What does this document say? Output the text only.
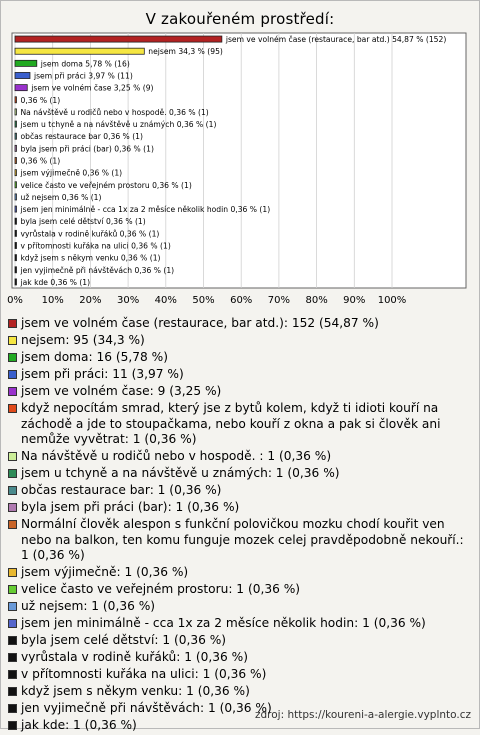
V zakouřeném prostředí:
0% 10% 20% 30% 40% 50% 60% 70% 80% 90% 100%
jsem ve volném čase (restaurace, bar atd.) 54,87 % (152)
nejsem 34,3 % (95)
jsem doma 5,78 % (16)
jsem při práci 3,97 % (11)
jsem ve volném čase 3,25 % (9)
0,36 % (1)
Na návštěvě u rodičů nebo v hospodě. 0,36 % (1)
jsem u tchyně a na návštěvě u známých 0,36 % (1)
občas restaurace bar 0,36 % (1)
byla jsem při práci (bar) 0,36 % (1)
0,36 % (1)
jsem výjimečně 0,36 % (1)
velice často ve veřejném prostoru 0,36 % (1)
už nejsem 0,36 % (1)
jsem jen minimálně - cca 1x za 2 měsíce několik hodin 0,36 % (1)
byla jsem celé dětství 0,36 % (1)
vyrůstala v rodině kuřáků 0,36 % (1)
v přítomnosti kuřáka na ulici 0,36 % (1)
když jsem s někym venku 0,36 % (1)
jen vyjimečně při návštěvách 0,36 % (1)
jak kde 0,36 % (1)
jsem ve volném čase (restaurace, bar atd.): 152 (54,87 %)
nejsem: 95 (34,3 %)
jsem doma: 16 (5,78 %)
jsem při práci: 11 (3,97 %)
jsem ve volném čase: 9 (3,25 %)
když nepocítám smrad, který jse z bytů kolem, když ti idioti kouří na záchodě a jde to stoupačkama, nebo kouří z okna a pak si člověk ani nemůže vyvětrat: 1 (0,36 %)
Na návštěvě u rodičů nebo v hospodě. : 1 (0,36 %)
jsem u tchyně a na návštěvě u známých: 1 (0,36 %)
občas restaurace bar: 1 (0,36 %)
byla jsem při práci (bar): 1 (0,36 %)
Normální člověk alespon s funkční polovičkou mozku chodí kouřit ven nebo na balkon, ten komu funguje mozek celej pravděpodobně nekouří.: 1 (0,36 %)
jsem výjimečně: 1 (0,36 %)
velice často ve veřejném prostoru: 1 (0,36 %)
už nejsem: 1 (0,36 %)
jsem jen minimálně - cca 1x za 2 měsíce několik hodin: 1 (0,36 %)
byla jsem celé dětství: 1 (0,36 %)
vyrůstala v rodině kuřáků: 1 (0,36 %)
v přítomnosti kuřáka na ulici: 1 (0,36 %)
když jsem s někym venku: 1 (0,36 %)
jen vyjimečně při návštěvách: 1 (0,36 %)
jak kde: 1 (0,36 %)
zdroj: https://koureni-a-alergie.vyplnto.cz
